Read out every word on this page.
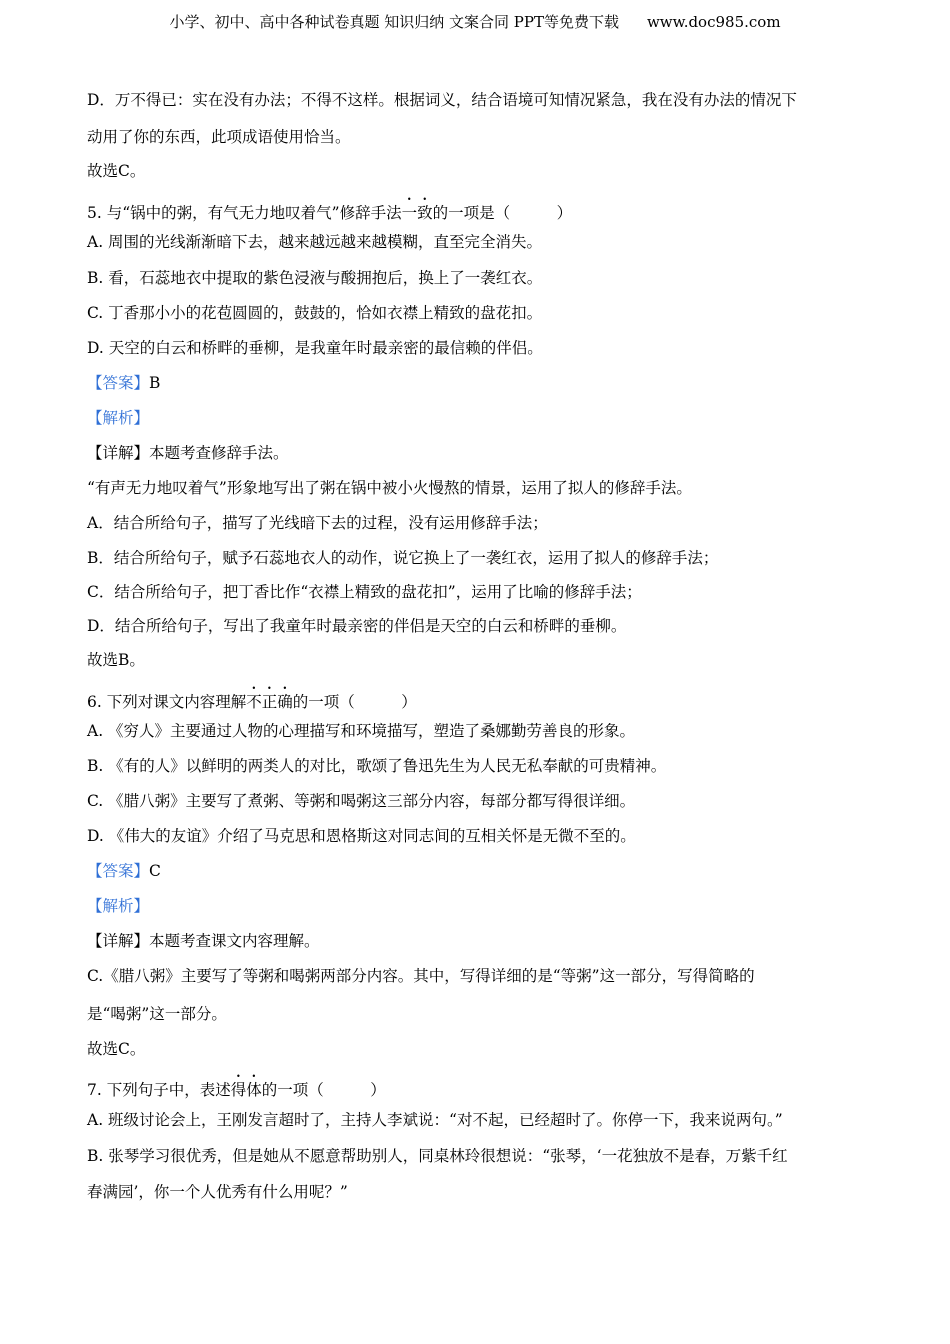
小学、初中、高中各种试卷真题 知识归纳 文案合同 PPT等免费下载 www.doc985.com
D．万不得已：实在没有办法；不得不这样。根据词义，结合语境可知情况紧急，我在没有办法的情况下
动用了你的东西，此项成语使用恰当。
故选C。
5. 与“锅中的粥，有气无力地叹着气”修辞手法一致的一项是（　　　）
A. 周围的光线渐渐暗下去，越来越远越来越模糊，直至完全消失。
B. 看，石蕊地衣中提取的紫色浸液与酸拥抱后，换上了一袭红衣。
C. 丁香那小小的花苞圆圆的，鼓鼓的，恰如衣襟上精致的盘花扣。
D. 天空的白云和桥畔的垂柳，是我童年时最亲密的最信赖的伴侣。
【答案】B
【解析】
【详解】本题考查修辞手法。
“有声无力地叹着气”形象地写出了粥在锅中被小火慢熬的情景，运用了拟人的修辞手法。
A．结合所给句子，描写了光线暗下去的过程，没有运用修辞手法；
B．结合所给句子，赋予石蕊地衣人的动作，说它换上了一袭红衣，运用了拟人的修辞手法；
C．结合所给句子，把丁香比作“衣襟上精致的盘花扣”，运用了比喻的修辞手法；
D．结合所给句子，写出了我童年时最亲密的伴侣是天空的白云和桥畔的垂柳。
故选B。
6. 下列对课文内容理解不正确的一项（　　　）
A. 《穷人》主要通过人物的心理描写和环境描写，塑造了桑娜勤劳善良的形象。
B. 《有的人》以鲜明的两类人的对比，歌颂了鲁迅先生为人民无私奉献的可贵精神。
C. 《腊八粥》主要写了煮粥、等粥和喝粥这三部分内容，每部分都写得很详细。
D. 《伟大的友谊》介绍了马克思和恩格斯这对同志间的互相关怀是无微不至的。
【答案】C
【解析】
【详解】本题考查课文内容理解。
C.《腊八粥》主要写了等粥和喝粥两部分内容。其中，写得详细的是“等粥”这一部分，写得简略的
是“喝粥”这一部分。
故选C。
7. 下列句子中，表述得体的一项（　　　）
A. 班级讨论会上，王刚发言超时了，主持人李斌说：“对不起，已经超时了。你停一下，我来说两句。”
B. 张琴学习很优秀，但是她从不愿意帮助别人，同桌林玲很想说：“张琴，‘一花独放不是春，万紫千红
春满园’，你一个人优秀有什么用呢？”
